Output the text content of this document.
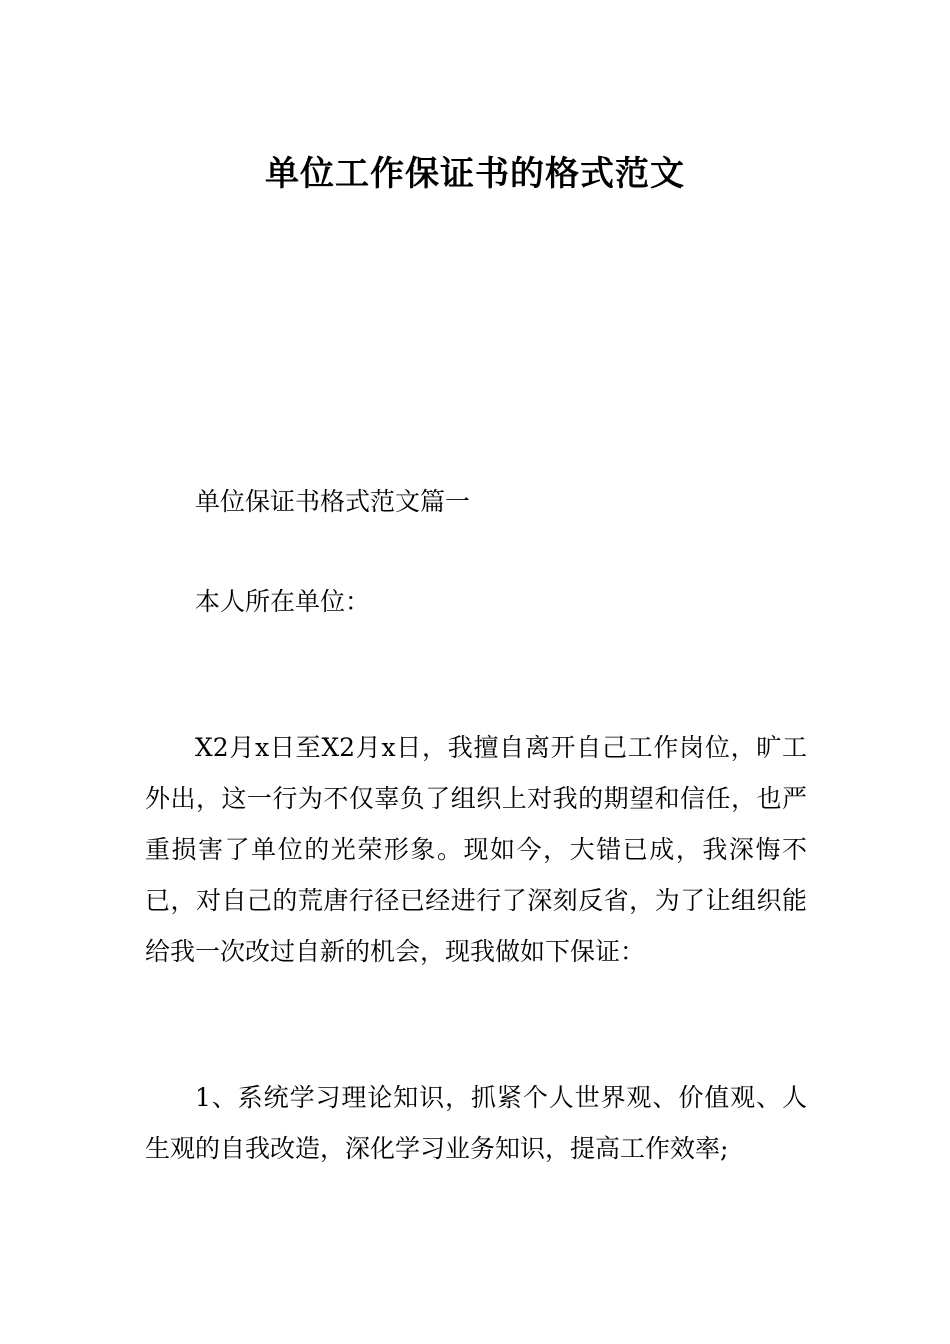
单位工作保证书的格式范文

单位保证书格式范文篇一

本人所在单位：

X2月x日至X2月x日，我擅自离开自己工作岗位，旷工外出，这一行为不仅辜负了组织上对我的期望和信任，也严重损害了单位的光荣形象。现如今，大错已成，我深悔不已，对自己的荒唐行径已经进行了深刻反省，为了让组织能给我一次改过自新的机会，现我做如下保证：

1、系统学习理论知识，抓紧个人世界观、价值观、人生观的自我改造，深化学习业务知识，提高工作效率;
